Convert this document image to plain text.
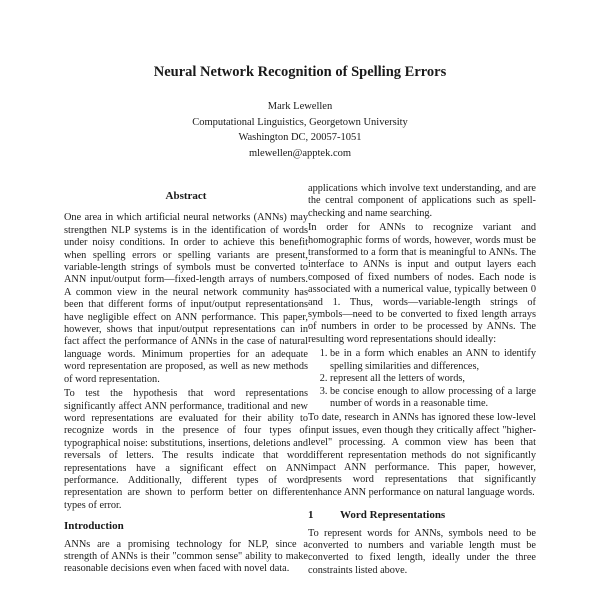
Neural Network Recognition of Spelling Errors
Mark Lewellen
Computational Linguistics, Georgetown University
Washington DC, 20057-1051
mlewellen@apptek.com
Abstract

One area in which artificial neural networks (ANNs) may strengthen NLP systems is in the identification of words under noisy conditions. In order to achieve this benefit when spelling errors or spelling variants are present, variable-length strings of symbols must be converted to ANN input/output form—fixed-length arrays of numbers. A common view in the neural network community has been that different forms of input/output representations have negligible effect on ANN performance. This paper, however, shows that input/output representations can in fact affect the performance of ANNs in the case of natural language words. Minimum properties for an adequate word representation are proposed, as well as new methods of word representation.

To test the hypothesis that word representations significantly affect ANN performance, traditional and new word representations are evaluated for their ability to recognize words in the presence of four types of typographical noise: substitutions, insertions, deletions and reversals of letters. The results indicate that word representations have a significant effect on ANN performance. Additionally, different types of word representation are shown to perform better on different types of error.

Introduction

ANNs are a promising technology for NLP, since a strength of ANNs is their "common sense" ability to make reasonable decisions even when faced with novel data.

applications which involve text understanding, and are the central component of applications such as spell-checking and name searching.

In order for ANNs to recognize variant and homographic forms of words, however, words must be transformed to a form that is meaningful to ANNs. The interface to ANNs is input and output layers each composed of fixed numbers of nodes. Each node is associated with a numerical value, typically between 0 and 1. Thus, words—variable-length strings of symbols—need to be converted to fixed length arrays of numbers in order to be processed by ANNs. The resulting word representations should ideally:

1. be in a form which enables an ANN to identify spelling similarities and differences,
2. represent all the letters of words,
3. be concise enough to allow processing of a large number of words in a reasonable time.

To date, research in ANNs has ignored these low-level input issues, even though they critically affect "higher-level" processing. A common view has been that different representation methods do not significantly impact ANN performance. This paper, however, presents word representations that significantly enhance ANN performance on natural language words.

1 Word Representations

To represent words for ANNs, symbols need to be converted to numbers and variable length must be converted to fixed length, ideally under the three constraints listed above.
